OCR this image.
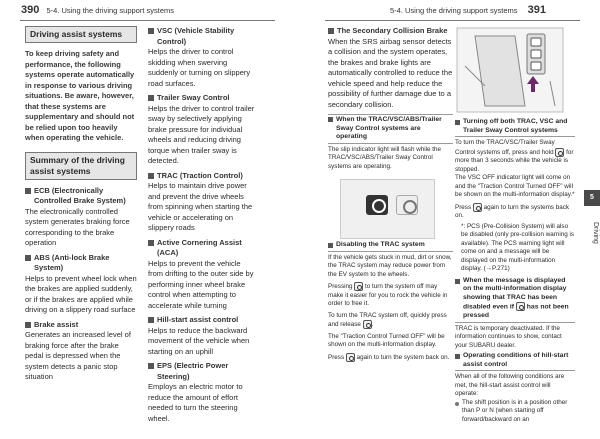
390 5-4. Using the driving support systems	5-4. Using the driving support systems 391
Driving assist systems
To keep driving safety and performance, the following systems operate automatically in response to various driving situations. Be aware, however, that these systems are supplementary and should not be relied upon too heavily when operating the vehicle.
Summary of the driving assist systems
ECB (Electronically Controlled Brake System)
The electronically controlled system generates braking force corresponding to the brake operation
ABS (Anti-lock Brake System)
Helps to prevent wheel lock when the brakes are applied suddenly, or if the brakes are applied while driving on a slippery road surface
Brake assist
Generates an increased level of braking force after the brake pedal is depressed when the system detects a panic stop situation
VSC (Vehicle Stability Control)
Helps the driver to control skidding when swerving suddenly or turning on slippery road surfaces.
Trailer Sway Control
Helps the driver to control trailer sway by selectively applying brake pressure for individual wheels and reducing driving torque when trailer sway is detected.
TRAC (Traction Control)
Helps to maintain drive power and prevent the drive wheels from spinning when starting the vehicle or accelerating on slippery roads
Active Cornering Assist (ACA)
Helps to prevent the vehicle from drifting to the outer side by performing inner wheel brake control when attempting to accelerate while turning
Hill-start assist control
Helps to reduce the backward movement of the vehicle when starting on an uphill
EPS (Electric Power Steering)
Employs an electric motor to reduce the amount of effort needed to turn the steering wheel.
The Secondary Collision Brake
When the SRS airbag sensor detects a collision and the system operates, the brakes and brake lights are automatically controlled to reduce the vehicle speed and help reduce the possibility of further damage due to a secondary collision.
When the TRAC/VSC/ABS/Trailer Sway Control systems are operating
The slip indicator light will flash while the TRAC/VSC/ABS/Trailer Sway Control systems are operating.
Disabling the TRAC system
If the vehicle gets stuck in mud, dirt or snow, the TRAC system may reduce power from the EV system to the wheels.
Pressing to turn the system off may make it easier for you to rock the vehicle in order to free it.
To turn the TRAC system off, quickly press and release .
The "Traction Control Turned OFF" will be shown on the multi-information display.
Press again to turn the system back on.
Turning off both TRAC, VSC and Trailer Sway Control systems
To turn the TRAC/VSC/Trailer Sway Control systems off, press and hold for more than 3 seconds while the vehicle is stopped.
The VSC OFF indicator light will come on and the "Traction Control Turned OFF" will be shown on the multi-information display.*
Press again to turn the systems back on.
*: PCS (Pre-Collision System) will also be disabled (only pre-collision warning is available). The PCS warning light will come on and a message will be displayed on the multi-information display. (→P.271)
When the message is displayed on the multi-information display showing that TRAC has been disabled even if has not been pressed
TRAC is temporary deactivated. If the information continues to show, contact your SUBARU dealer.
Operating conditions of hill-start assist control
When all of the following conditions are met, the hill-start assist control will operate:
The shift position is in a position other than P or N (when starting off forward/backward on an
5
Driving
